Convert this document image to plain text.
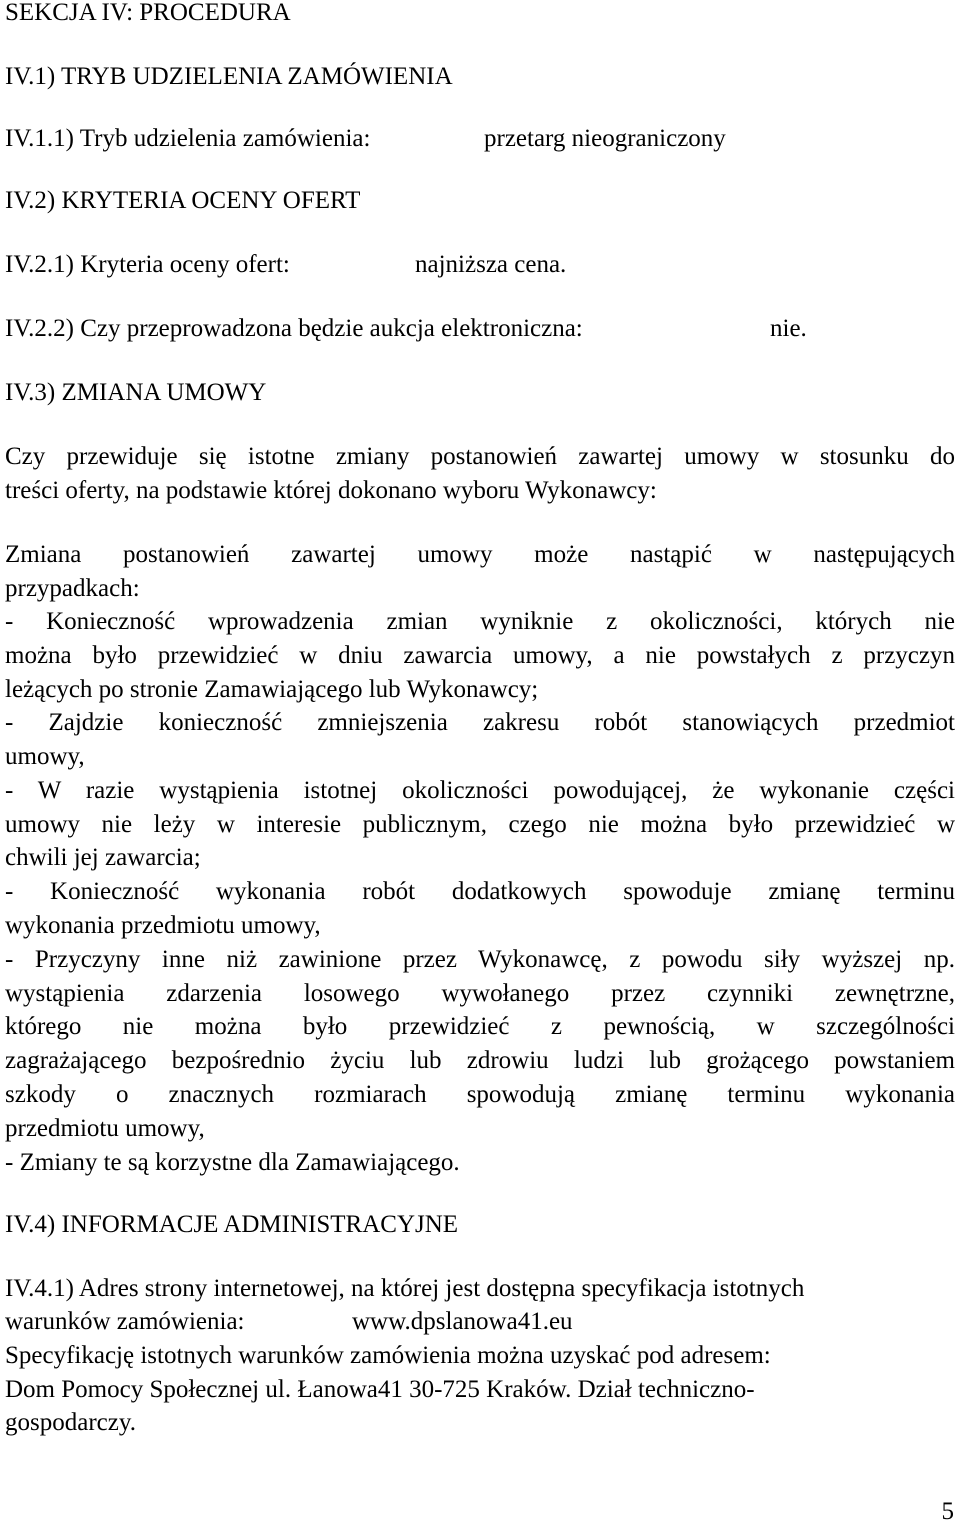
SEKCJA IV: PROCEDURA
IV.1) TRYB UDZIELENIA ZAMÓWIENIA
IV.1.1) Tryb udzielenia zamówienia:	przetarg nieograniczony
IV.2) KRYTERIA OCENY OFERT
IV.2.1) Kryteria oceny ofert:	najniższa cena.
IV.2.2) Czy przeprowadzona będzie aukcja elektroniczna:	nie.
IV.3) ZMIANA UMOWY
Czy przewiduje się istotne zmiany postanowień zawartej umowy w stosunku do
treści oferty, na podstawie której dokonano wyboru Wykonawcy:
Zmiana postanowień zawartej umowy może nastąpić w następujących
przypadkach:
- Konieczność wprowadzenia zmian wyniknie z okoliczności, których nie
można było przewidzieć w dniu zawarcia umowy, a nie powstałych z przyczyn
leżących po stronie Zamawiającego lub Wykonawcy;
- Zajdzie konieczność zmniejszenia zakresu robót stanowiących przedmiot
umowy,
- W razie wystąpienia istotnej okoliczności powodującej, że wykonanie części
umowy nie leży w interesie publicznym, czego nie można było przewidzieć w
chwili jej zawarcia;
- Konieczność wykonania robót dodatkowych spowoduje zmianę terminu
wykonania przedmiotu umowy,
- Przyczyny inne niż zawinione przez Wykonawcę, z powodu siły wyższej np.
wystąpienia zdarzenia losowego wywołanego przez czynniki zewnętrzne,
którego nie można było przewidzieć z pewnością, w szczególności
zagrażającego bezpośrednio życiu lub zdrowiu ludzi lub grożącego powstaniem
szkody o znacznych rozmiarach spowodują zmianę terminu wykonania
przedmiotu umowy,
- Zmiany te są korzystne dla Zamawiającego.
IV.4) INFORMACJE ADMINISTRACYJNE
IV.4.1) Adres strony internetowej, na której jest dostępna specyfikacja istotnych
warunków zamówienia:	www.dpslanowa41.eu
Specyfikację istotnych warunków zamówienia można uzyskać pod adresem:
Dom Pomocy Społecznej ul. Łanowa41 30-725 Kraków. Dział techniczno-
gospodarczy.
5
